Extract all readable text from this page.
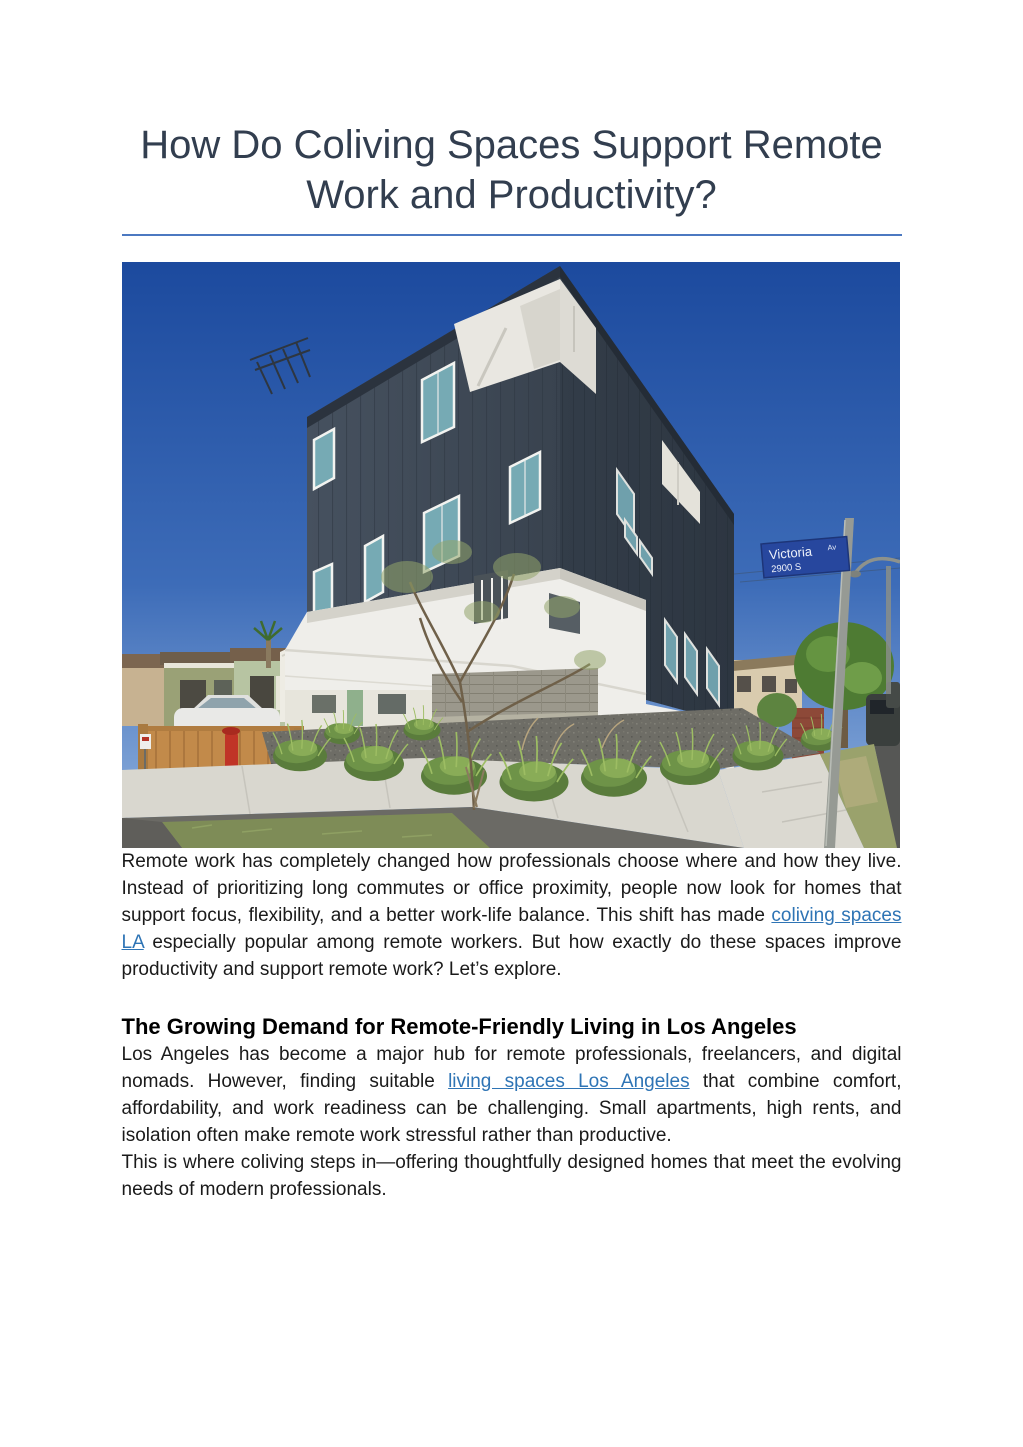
How Do Coliving Spaces Support Remote Work and Productivity?
Victoria Av
2900 S

Remote work has completely changed how professionals choose where and how they live. Instead of prioritizing long commutes or office proximity, people now look for homes that support focus, flexibility, and a better work-life balance. This shift has made coliving spaces LA especially popular among remote workers. But how exactly do these spaces improve productivity and support remote work? Let’s explore.

The Growing Demand for Remote-Friendly Living in Los Angeles

Los Angeles has become a major hub for remote professionals, freelancers, and digital nomads. However, finding suitable living spaces Los Angeles that combine comfort, affordability, and work readiness can be challenging. Small apartments, high rents, and isolation often make remote work stressful rather than productive.

This is where coliving steps in—offering thoughtfully designed homes that meet the evolving needs of modern professionals.
